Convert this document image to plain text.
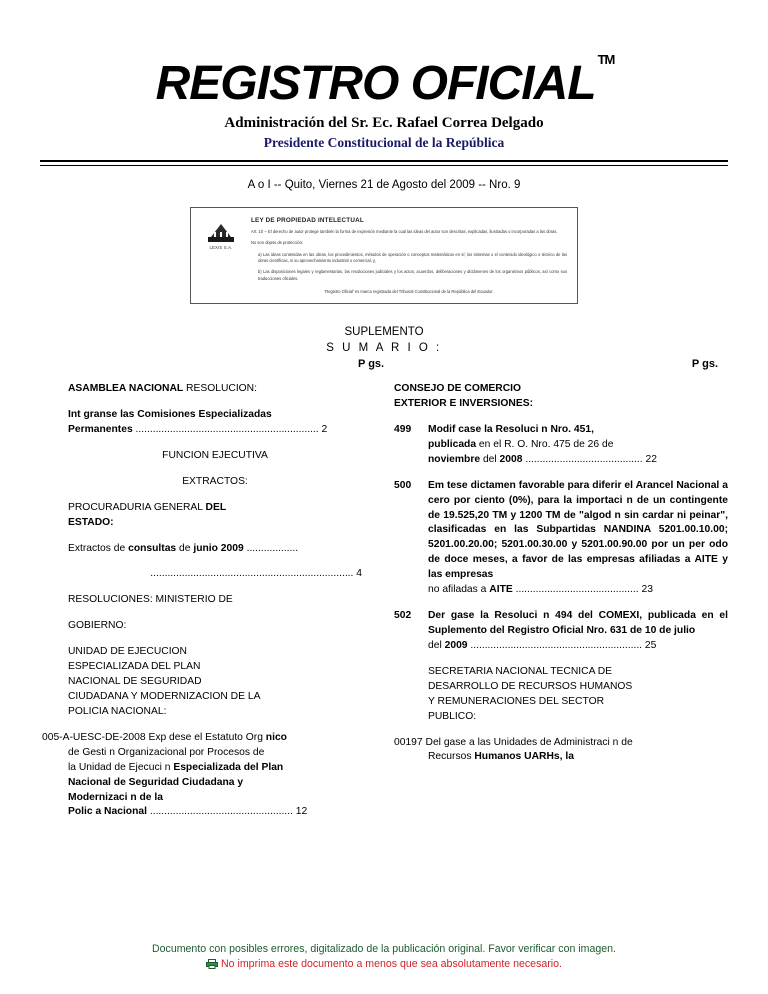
REGISTRO OFICIAL ™
Administración del Sr. Ec. Rafael Correa Delgado
Presidente Constitucional de la República
A o I -- Quito, Viernes 21 de Agosto del 2009 -- Nro. 9
LEXIS S.A.
LEY DE PROPIEDAD INTELECTUAL

Art. 10 -- El derecho de autor protege también la forma de expresión mediante la cual las ideas del autor son descritas, explicadas, ilustradas o incorporadas a las obras.

No son objeto de protección:

a) Las ideas contenidas en las obras, los procedimientos, métodos de operación o conceptos matemáticos en sí; los sistemas o el contenido ideológico o técnico de las obras científicas, ni su aprovechamiento industrial o comercial, y,

b) Las disposiciones legales y reglamentarias, las resoluciones judiciales y los actos, acuerdos, deliberaciones y dictámenes de los organismos públicos, así como sus traducciones oficiales.

'Registro Oficial' es marca registrada del Tribunal Constitucional de la República del Ecuador.
SUPLEMENTO
S U M A R I O :
P gs.	P gs.
ASAMBLEA NACIONAL RESOLUCION:
Int granse las Comisiones Especializadas
Permanentes ................................................................ 2
FUNCION EJECUTIVA
EXTRACTOS:
PROCURADURIA GENERAL DEL
ESTADO:
Extractos de consultas de junio 2009 ..................
....................................................................... 4
RESOLUCIONES: MINISTERIO DE
GOBIERNO:
UNIDAD DE EJECUCION
ESPECIALIZADA DEL PLAN
NACIONAL DE SEGURIDAD
CIUDADANA Y MODERNIZACION DE LA
POLICIA NACIONAL:
005-A-UESC-DE-2008 Exp dese el Estatuto Org nico
de Gesti n Organizacional por Procesos de
la Unidad de Ejecuci n Especializada del Plan
Nacional de Seguridad Ciudadana y
Modernizaci n de la
Polic a Nacional .................................................. 12
CONSEJO DE COMERCIO
EXTERIOR E INVERSIONES:
499	Modif case la Resoluci n Nro. 451,
publicada en el R. O. Nro. 475 de 26 de
noviembre del 2008 ......................................... 22
500	Em tese dictamen favorable para diferir el Arancel Nacional a cero por ciento (0%), para la importaci n de un contingente de 19.525,20 TM y 1200 TM de "algod n sin cardar ni peinar", clasificadas en las Subpartidas NANDINA 5201.00.10.00; 5201.00.20.00; 5201.00.30.00 y 5201.00.90.00 por un per odo de doce meses, a favor de las empresas afiliadas a AITE y las empresas
no afiladas a AITE ........................................... 23
502	Der gase la Resoluci n 494 del COMEXI, publicada en el Suplemento del Registro Oficial Nro. 631 de 10 de julio
del 2009 ............................................................ 25
SECRETARIA NACIONAL TECNICA DE
DESARROLLO DE RECURSOS HUMANOS
Y REMUNERACIONES DEL SECTOR
PUBLICO:
00197 Del gase a las Unidades de Administraci n de
Recursos Humanos UARHs, la
Documento con posibles errores, digitalizado de la publicación original. Favor verificar con imagen.
No imprima este documento a menos que sea absolutamente necesario.
